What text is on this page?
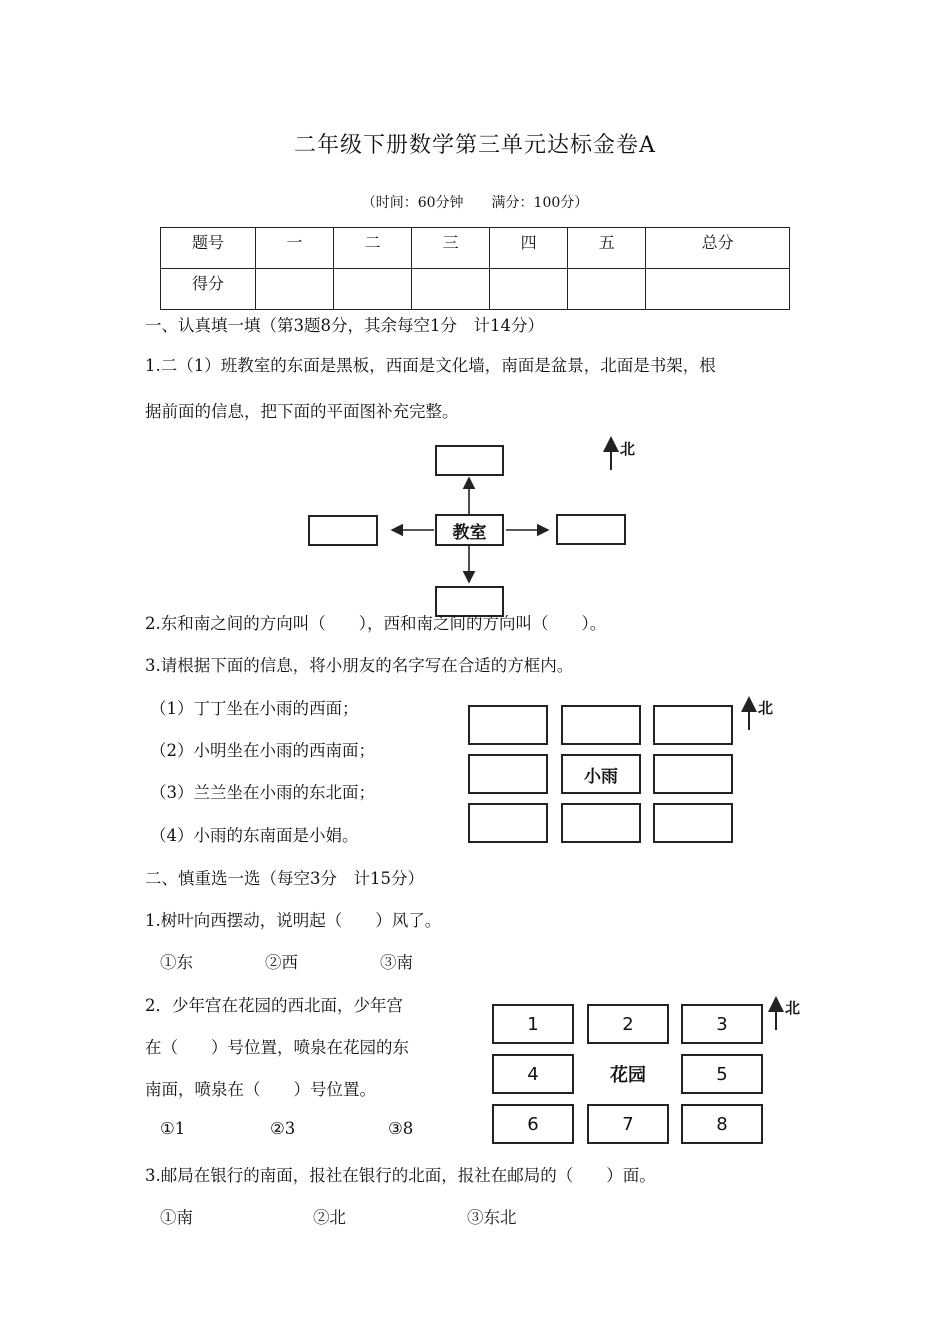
二年级下册数学第三单元达标金卷A
（时间：60分钟　　满分：100分）
题号	一	二	三	四	五	总分
得分						
一、认真填一填（第3题8分，其余每空1分　计14分）
1.二（1）班教室的东面是黑板，西面是文化墙，南面是盆景，北面是书架，根
据前面的信息，把下面的平面图补充完整。
教室
北
2.东和南之间的方向叫（　　），西和南之间的方向叫（　　）。
3.请根据下面的信息，将小朋友的名字写在合适的方框内。
（1）丁丁坐在小雨的西面；
（2）小明坐在小雨的西南面；
（3）兰兰坐在小雨的东北面；
（4）小雨的东南面是小娟。
小雨
北
二、慎重选一选（每空3分　计15分）
1.树叶向西摆动，说明起（　　）风了。
①东	②西	③南
2．少年宫在花园的西北面，少年宫
在（　　）号位置，喷泉在花园的东
南面，喷泉在（　　）号位置。
①1	②3	③8
1	2	3
4	花园	5
6	7	8
北
3.邮局在银行的南面，报社在银行的北面，报社在邮局的（　　）面。
①南	②北	③东北
